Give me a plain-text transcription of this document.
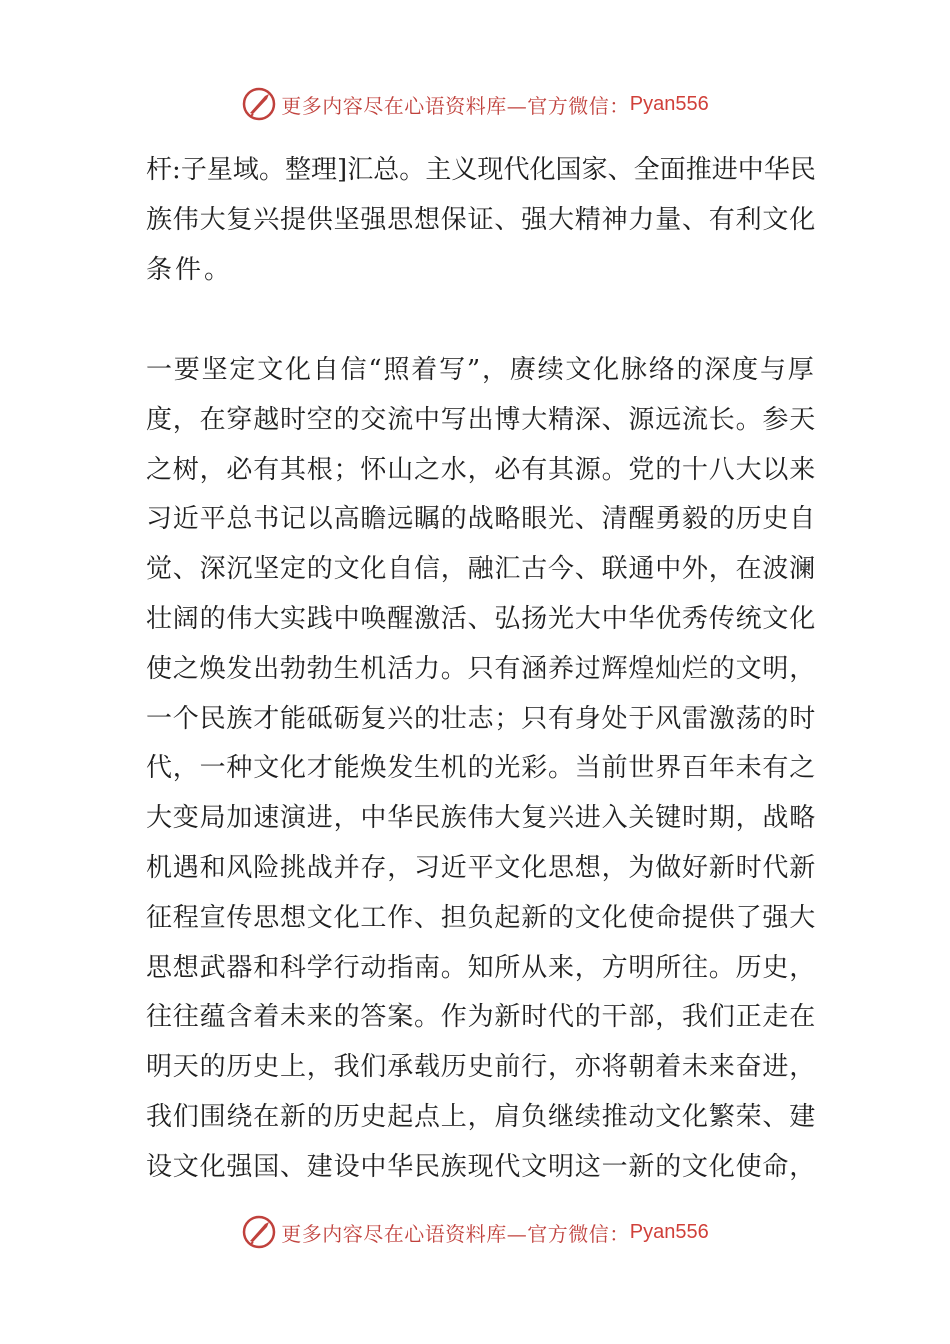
更多内容尽在心语资料库—官方微信： Pyan556
杆:子星域。整理]汇总。主义现代化国家、全面推进中华民
族伟大复兴提供坚强思想保证、强大精神力量、有利文化
条件。
一要坚定文化自信“照着写”，赓续文化脉络的深度与厚
度，在穿越时空的交流中写出博大精深、源远流长。参天
之树，必有其根；怀山之水，必有其源。党的十八大以来
习近平总书记以高瞻远瞩的战略眼光、清醒勇毅的历史自
觉、深沉坚定的文化自信，融汇古今、联通中外，在波澜
壮阔的伟大实践中唤醒激活、弘扬光大中华优秀传统文化
使之焕发出勃勃生机活力。只有涵养过辉煌灿烂的文明，
一个民族才能砥砺复兴的壮志；只有身处于风雷激荡的时
代，一种文化才能焕发生机的光彩。当前世界百年未有之
大变局加速演进，中华民族伟大复兴进入关键时期，战略
机遇和风险挑战并存，习近平文化思想，为做好新时代新
征程宣传思想文化工作、担负起新的文化使命提供了强大
思想武器和科学行动指南。知所从来，方明所往。历史，
往往蕴含着未来的答案。作为新时代的干部，我们正走在
明天的历史上，我们承载历史前行，亦将朝着未来奋进，
我们围绕在新的历史起点上，肩负继续推动文化繁荣、建
设文化强国、建设中华民族现代文明这一新的文化使命，
更多内容尽在心语资料库—官方微信： Pyan556
